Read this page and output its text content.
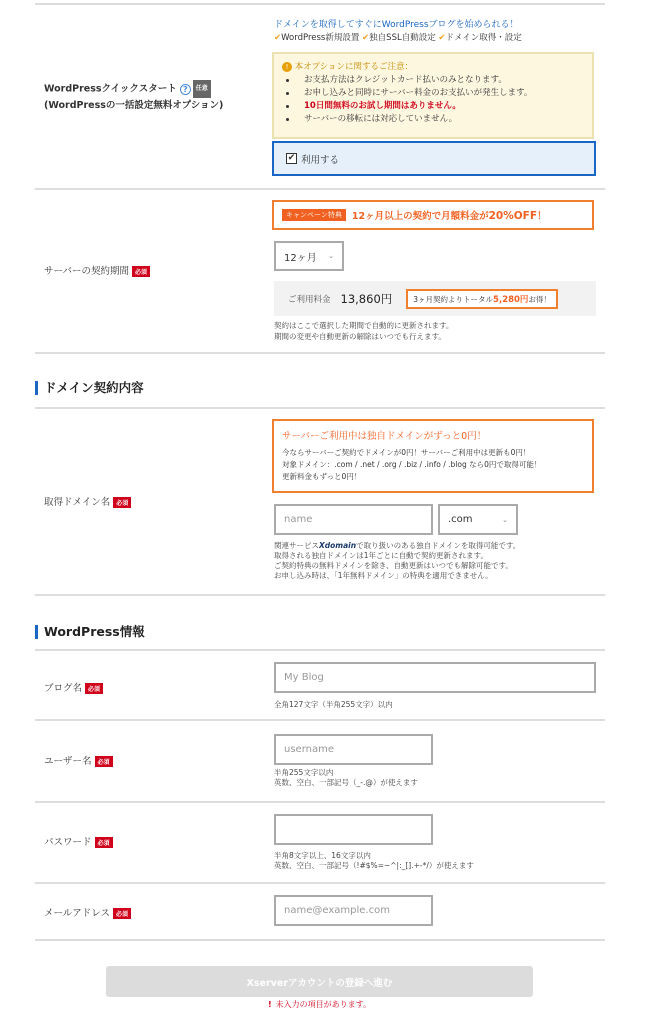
WordPressクイックスタート ? 任意
(WordPressの一括設定無料オプション)
ドメインを取得してすぐにWordPressブログを始められる！
✔WordPress新規設置 ✔独自SSL自動設定 ✔ドメイン取得・設定
! 本オプションに関するご注意：
お支払方法はクレジットカード払いのみとなります。
お申し込みと同時にサーバー料金のお支払いが発生します。
10日間無料のお試し期間はありません。
サーバーの移転には対応していません。
✔ 利用する
サーバーの契約期間 必須
キャンペーン特典	12ヶ月以上の契約で月額料金が20%OFF！
12ヶ月 ⌄
ご利用料金 13,860円	3ヶ月契約よりトータル5,280円お得！
契約はここで選択した期間で自動的に更新されます。
期間の変更や自動更新の解除はいつでも行えます。
ドメイン契約内容
取得ドメイン名 必須
サーバーご利用中は独自ドメインがずっと0円！
今ならサーバーご契約でドメインが0円！サーバーご利用中は更新も0円！
対象ドメイン：.com / .net / .org / .biz / .info / .blog なら0円で取得可能！
更新料金もずっと0円！
name	.com	⌄
関連サービスXdomainで取り扱いのある独自ドメインを取得可能です。
取得される独自ドメインは1年ごとに自動で契約更新されます。
ご契約特典の無料ドメインを除き、自動更新はいつでも解除可能です。
お申し込み時は、「1年無料ドメイン」の特典を適用できません。
WordPress情報
ブログ名 必須
My Blog
全角127文字（半角255文字）以内
ユーザー名 必須
username
半角255文字以内
英数、空白、一部記号（_-.@）が使えます
パスワード 必須
半角8文字以上、16文字以内
英数、空白、一部記号（!#$%=~^|:_[].+-*/）が使えます
メールアドレス 必須	name@example.com
Xserverアカウントの登録へ進む
! 未入力の項目があります。
